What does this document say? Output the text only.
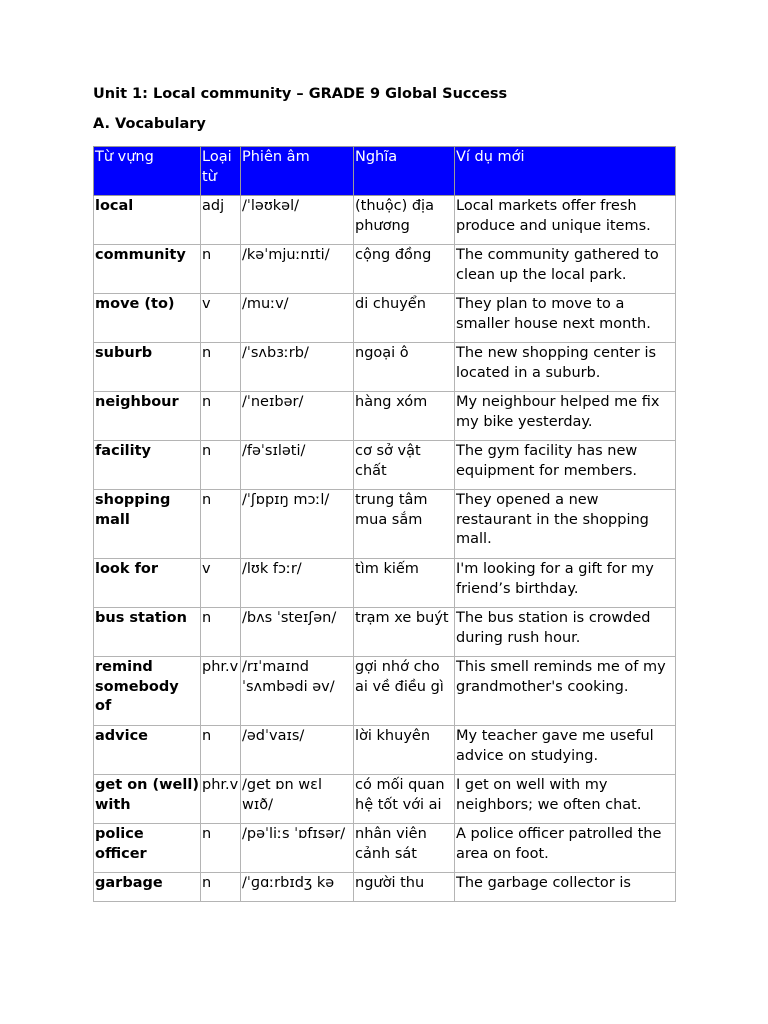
Unit 1: Local community – GRADE 9 Global Success
A. Vocabulary
Từ vựng	Loại từ	Phiên âm	Nghĩa	Ví dụ mới
local	adj	/ˈləʊkəl/	(thuộc) địa phương	Local markets offer fresh produce and unique items.
community	n	/kəˈmjuːnɪti/	cộng đồng	The community gathered to clean up the local park.
move (to)	v	/muːv/	di chuyển	They plan to move to a smaller house next month.
suburb	n	/ˈsʌbɜːrb/	ngoại ô	The new shopping center is located in a suburb.
neighbour	n	/ˈneɪbər/	hàng xóm	My neighbour helped me fix my bike yesterday.
facility	n	/fəˈsɪləti/	cơ sở vật chất	The gym facility has new equipment for members.
shopping mall	n	/ˈʃɒpɪŋ mɔːl/	trung tâm mua sắm	They opened a new restaurant in the shopping mall.
look for	v	/lʊk fɔːr/	tìm kiếm	I'm looking for a gift for my friend’s birthday.
bus station	n	/bʌs ˈsteɪʃən/	trạm xe buýt	The bus station is crowded during rush hour.
remind somebody of	phr.v	/rɪˈmaɪnd ˈsʌmbədi əv/	gợi nhớ cho ai về điều gì	This smell reminds me of my grandmother's cooking.
advice	n	/ədˈvaɪs/	lời khuyên	My teacher gave me useful advice on studying.
get on (well) with	phr.v	/get ɒn wɛl wɪð/	có mối quan hệ tốt với ai	I get on well with my neighbors; we often chat.
police officer	n	/pəˈliːs ˈɒfɪsər/	nhân viên cảnh sát	A police officer patrolled the area on foot.
garbage	n	/ˈɡɑːrbɪdʒ kə	người thu	The garbage collector is
